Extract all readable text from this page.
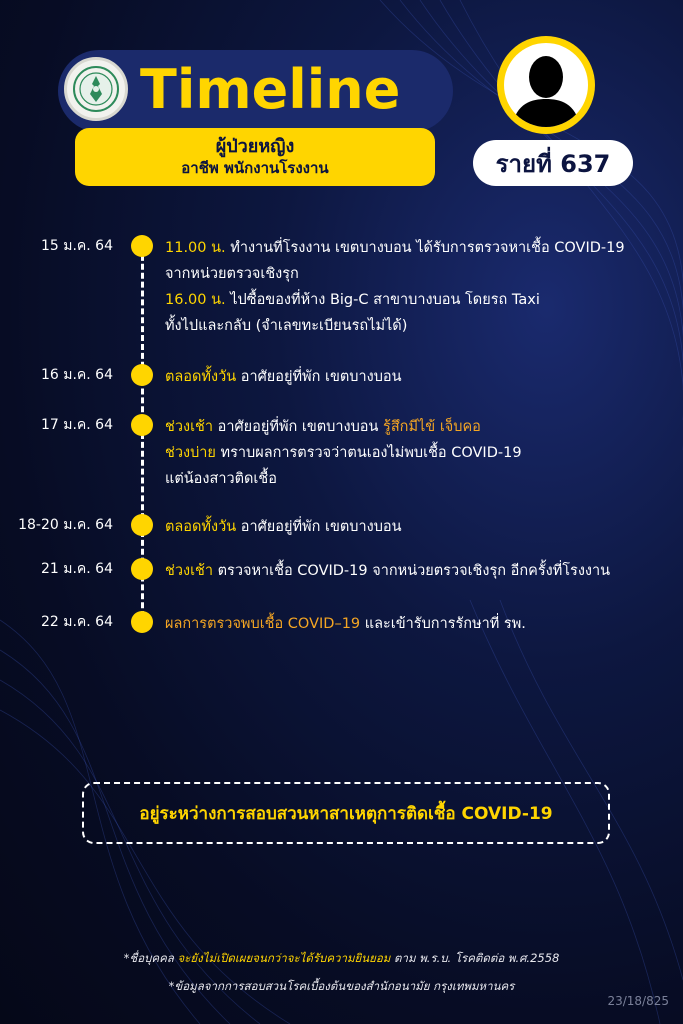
Timeline
ผู้ป่วยหญิง
อาชีพ พนักงานโรงงาน	รายที่ 637
15 ม.ค. 64	11.00 น. ทำงานที่โรงงาน เขตบางบอน ได้รับการตรวจหาเชื้อ COVID-19
จากหน่วยตรวจเชิงรุก
16.00 น. ไปซื้อของที่ห้าง Big-C สาขาบางบอน โดยรถ Taxi
ทั้งไปและกลับ (จำเลขทะเบียนรถไม่ได้)
16 ม.ค. 64	ตลอดทั้งวัน อาศัยอยู่ที่พัก เขตบางบอน
17 ม.ค. 64	ช่วงเช้า อาศัยอยู่ที่พัก เขตบางบอน รู้สึกมีไข้ เจ็บคอ
ช่วงบ่าย ทราบผลการตรวจว่าตนเองไม่พบเชื้อ COVID-19
แต่น้องสาวติดเชื้อ
18-20 ม.ค. 64	ตลอดทั้งวัน อาศัยอยู่ที่พัก เขตบางบอน
21 ม.ค. 64	ช่วงเช้า ตรวจหาเชื้อ COVID-19 จากหน่วยตรวจเชิงรุก อีกครั้งที่โรงงาน
22 ม.ค. 64	ผลการตรวจพบเชื้อ COVID–19 และเข้ารับการรักษาที่ รพ.
อยู่ระหว่างการสอบสวนหาสาเหตุการติดเชื้อ COVID-19
*ชื่อบุคคล จะยังไม่เปิดเผยจนกว่าจะได้รับความยินยอม ตาม พ.ร.บ. โรคติดต่อ พ.ศ.2558
*ข้อมูลจากการสอบสวนโรคเบื้องต้นของสำนักอนามัย กรุงเทพมหานคร
23/18/825
